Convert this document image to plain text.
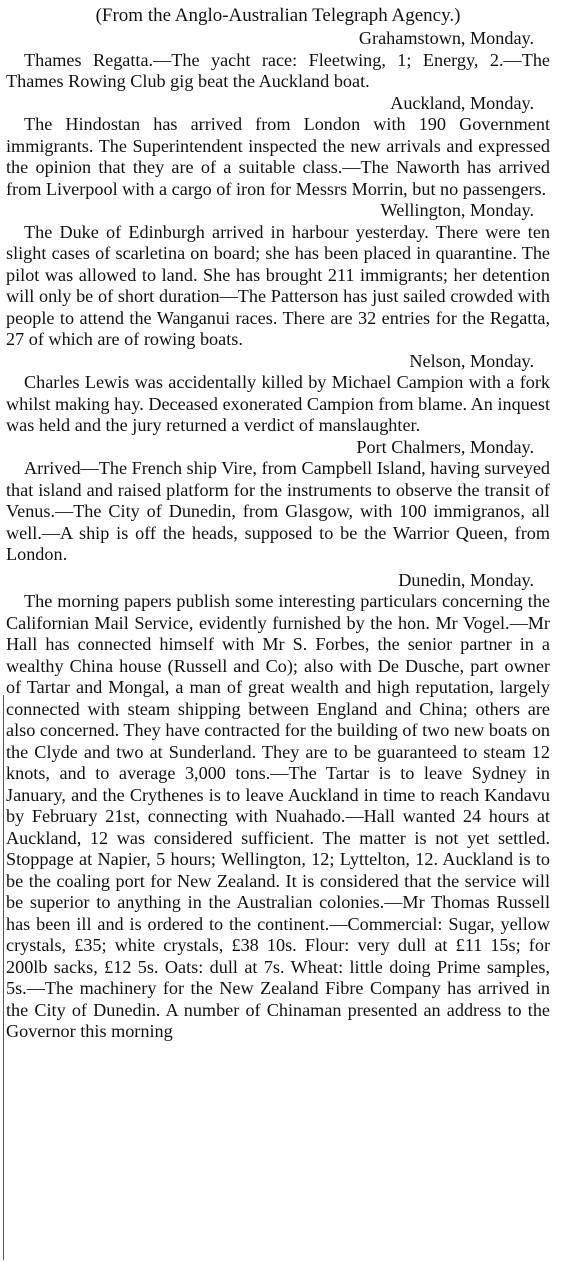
(From the Anglo-Australian Telegraph Agency.)

Grahamstown, Monday.

Thames Regatta.—The yacht race: Fleetwing, 1; Energy, 2.—The Thames Rowing Club gig beat the Auckland boat.

Auckland, Monday.

The Hindostan has arrived from London with 190 Government immigrants. The Superintendent inspected the new arrivals and expressed the opinion that they are of a suitable class.—The Naworth has arrived from Liverpool with a cargo of iron for Messrs Morrin, but no passengers.

Wellington, Monday.

The Duke of Edinburgh arrived in harbour yesterday. There were ten slight cases of scarletina on board; she has been placed in quarantine. The pilot was allowed to land. She has brought 211 immigrants; her detention will only be of short duration—The Patterson has just sailed crowded with people to attend the Wanganui races. There are 32 entries for the Regatta, 27 of which are of rowing boats.

Nelson, Monday.

Charles Lewis was accidentally killed by Michael Campion with a fork whilst making hay. Deceased exonerated Campion from blame. An inquest was held and the jury returned a verdict of manslaughter.

Port Chalmers, Monday.

Arrived—The French ship Vire, from Campbell Island, having surveyed that island and raised platform for the instruments to observe the transit of Venus.—The City of Dunedin, from Glasgow, with 100 immigranos, all well.—A ship is off the heads, supposed to be the Warrior Queen, from London.

Dunedin, Monday.

The morning papers publish some interesting particulars concerning the Californian Mail Service, evidently furnished by the hon. Mr Vogel.—Mr Hall has connected himself with Mr S. Forbes, the senior partner in a wealthy China house (Russell and Co); also with De Dusche, part owner of Tartar and Mongal, a man of great wealth and high reputation, largely connected with steam shipping between England and China; others are also concerned. They have contracted for the building of two new boats on the Clyde and two at Sunderland. They are to be guaranteed to steam 12 knots, and to average 3,000 tons.—The Tartar is to leave Sydney in January, and the Crythenes is to leave Auckland in time to reach Kandavu by February 21st, connecting with Nuahado.—Hall wanted 24 hours at Auckland, 12 was considered sufficient. The matter is not yet settled. Stoppage at Napier, 5 hours; Wellington, 12; Lyttelton, 12. Auckland is to be the coaling port for New Zealand. It is considered that the service will be superior to anything in the Australian colonies.—Mr Thomas Russell has been ill and is ordered to the continent.—Commercial: Sugar, yellow crystals, £35; white crystals, £38 10s. Flour: very dull at £11 15s; for 200lb sacks, £12 5s. Oats: dull at 7s. Wheat: little doing Prime samples, 5s.—The machinery for the New Zealand Fibre Company has arrived in the City of Dunedin. A number of Chinaman presented an address to the Governor this morning
